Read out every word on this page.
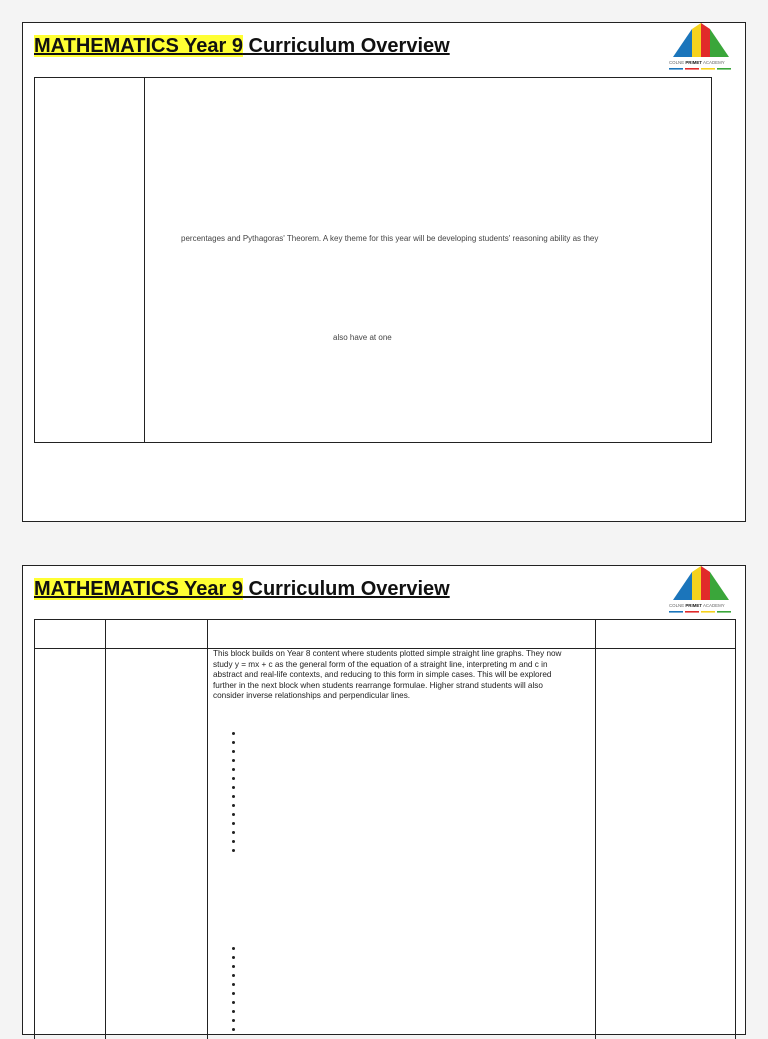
MATHEMATICS Year 9 Curriculum Overview
COLNE PRIMET ACADEMY
percentages and Pythagoras' Theorem. A key theme for this year will be developing students' reasoning ability as they
also have at one
MATHEMATICS Year 9 Curriculum Overview
COLNE PRIMET ACADEMY
This block builds on Year 8 content where students plotted simple straight line graphs. They now study y = mx + c as the general form of the equation of a straight line, interpreting m and c in abstract and real-life contexts, and reducing to this form in simple cases. This will be explored further in the next block when students rearrange formulae. Higher strand students will also consider inverse relationships and perpendicular lines.
